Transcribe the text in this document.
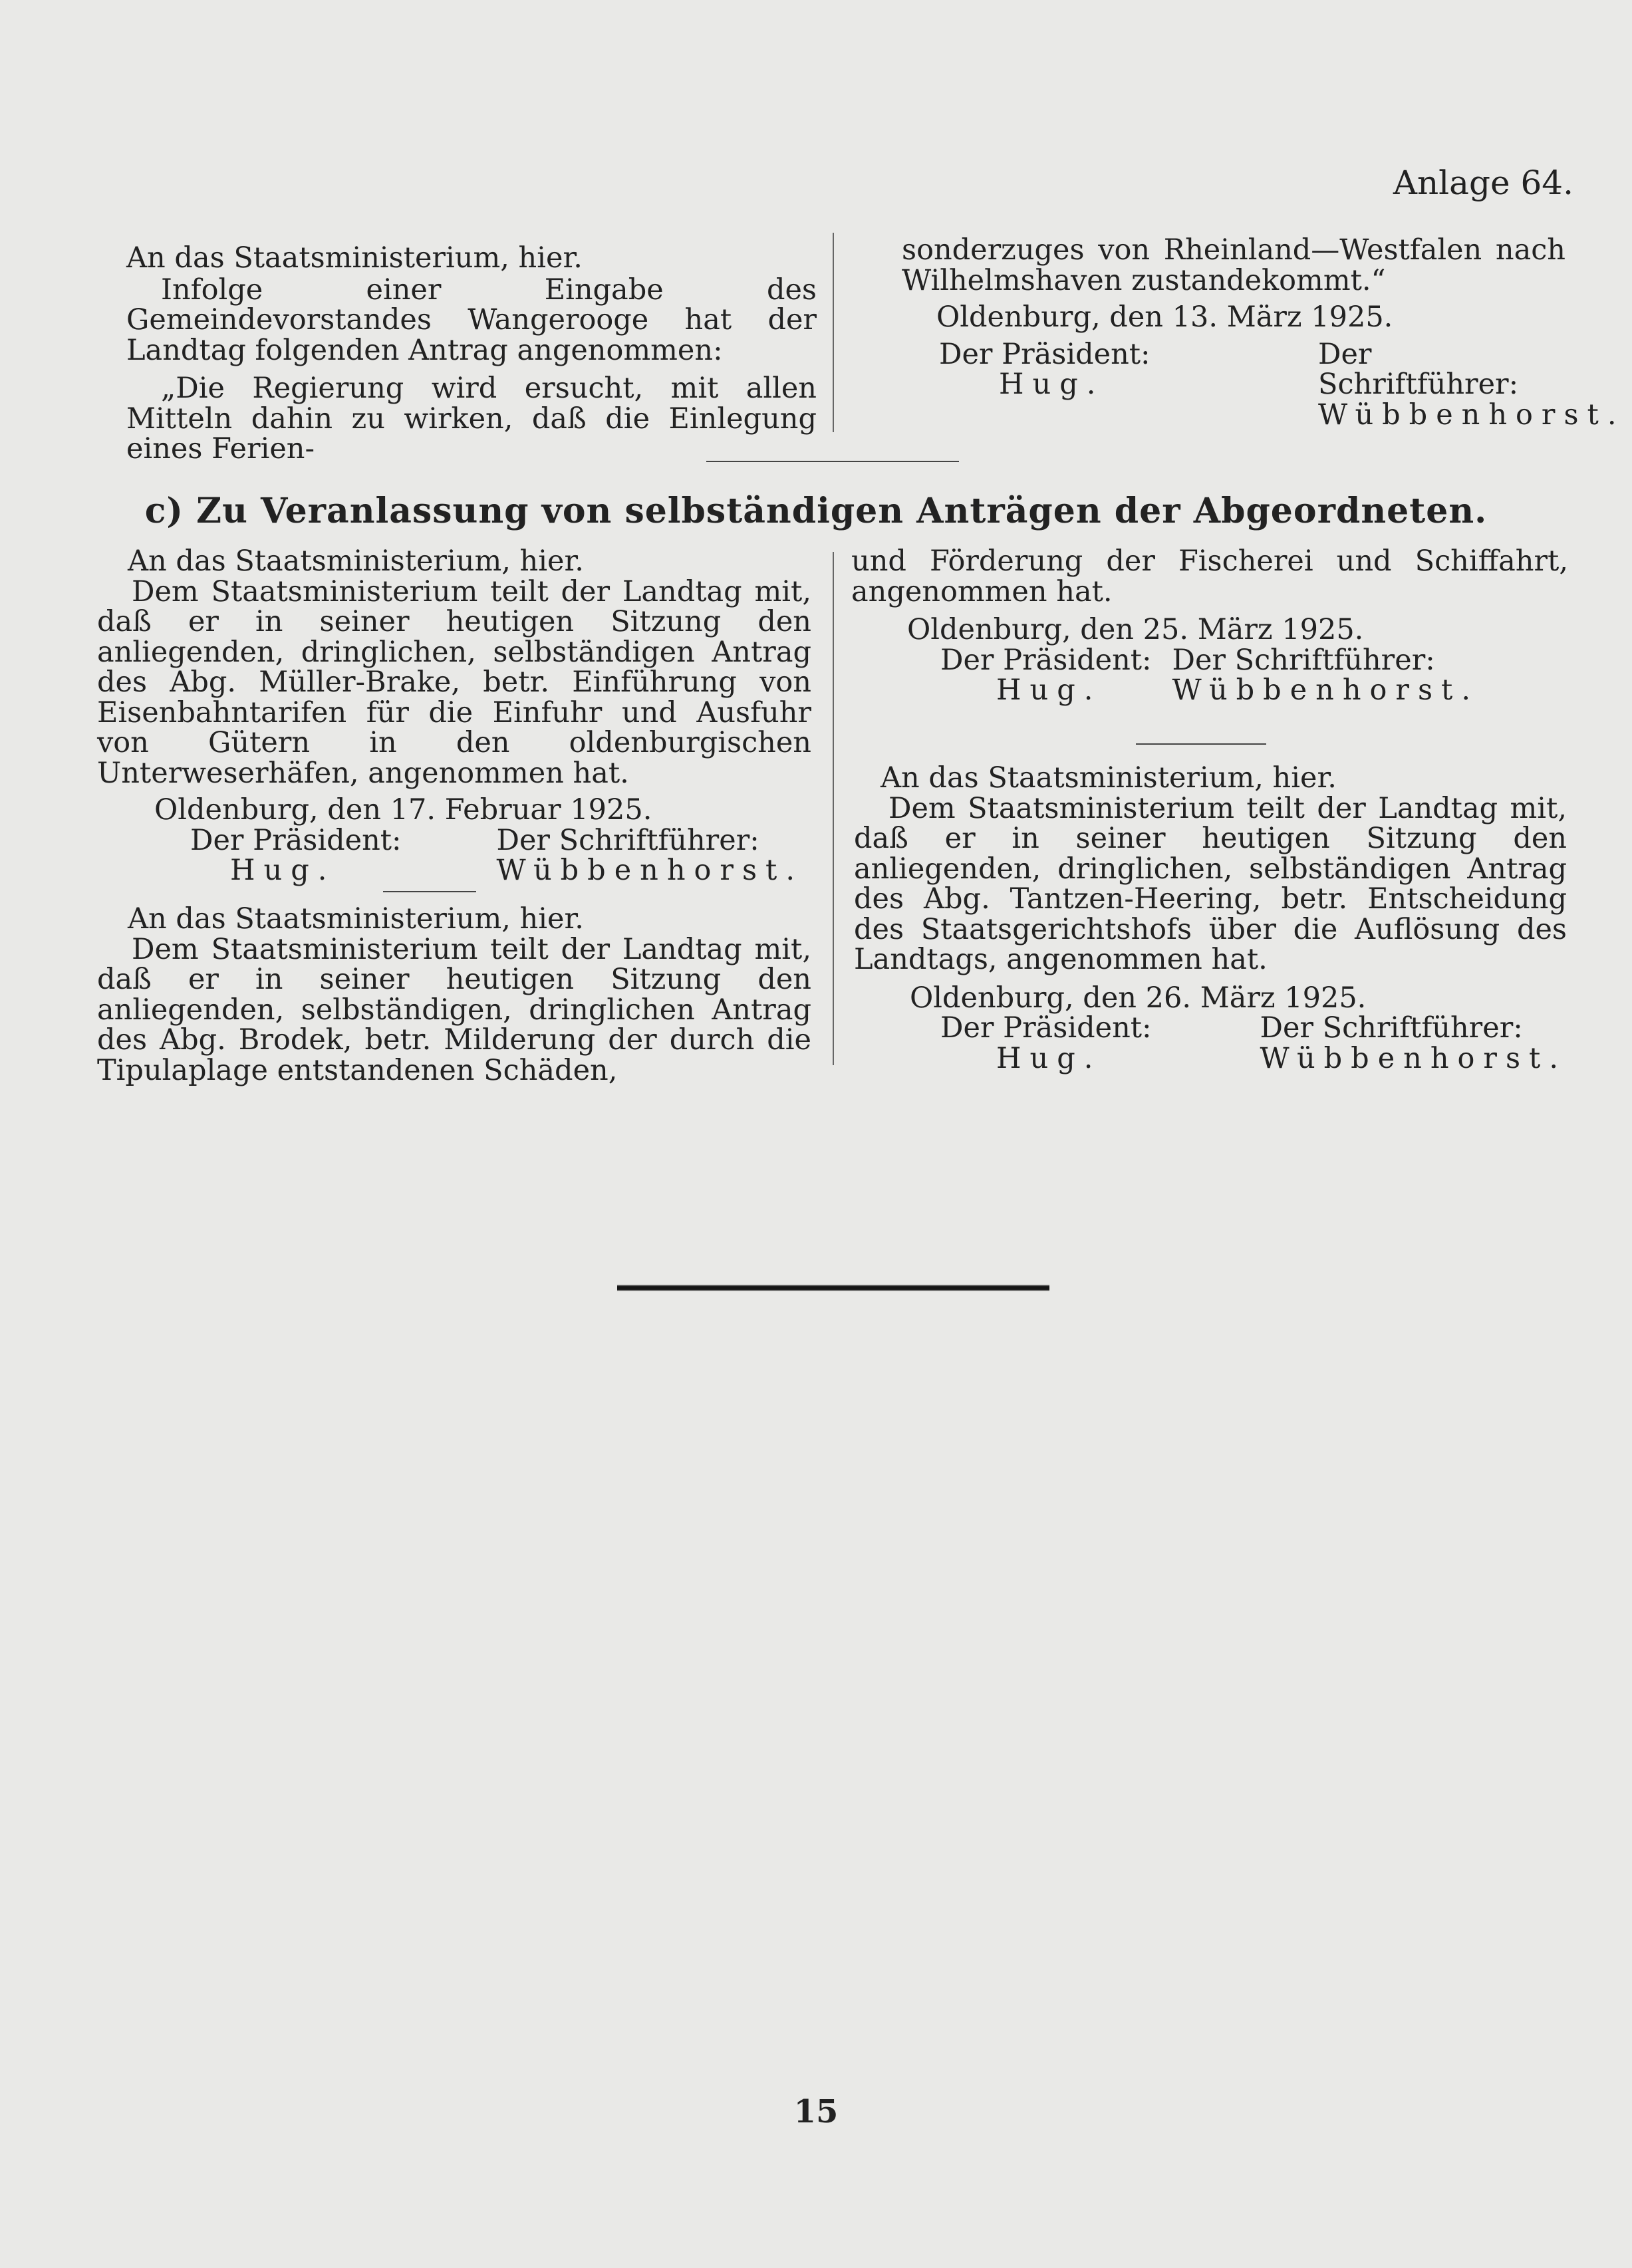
Anlage 64.

An das Staatsministerium, hier.

Infolge einer Eingabe des Gemeindevorstandes Wangerooge hat der Landtag folgenden Antrag angenommen:

„Die Regierung wird ersucht, mit allen Mitteln dahin zu wirken, daß die Einlegung eines Ferien-

sonderzuges von Rheinland—Westfalen nach Wilhelmshaven zustandekommt.“

Oldenburg, den 13. März 1925.

Der Präsident:
Hug.
Der Schriftführer:
Wübbenhorst.
c) Zu Veranlassung von selbständigen Anträgen der Abgeordneten.

An das Staatsministerium, hier.

Dem Staatsministerium teilt der Landtag mit, daß er in seiner heutigen Sitzung den anliegenden, dringlichen, selbständigen Antrag des Abg. Müller-Brake, betr. Einführung von Eisenbahntarifen für die Einfuhr und Ausfuhr von Gütern in den oldenburgischen Unterweserhäfen, angenommen hat.

Oldenburg, den 17. Februar 1925.

Der Präsident:
Hug.
Der Schriftführer:
Wübbenhorst.

An das Staatsministerium, hier.

Dem Staatsministerium teilt der Landtag mit, daß er in seiner heutigen Sitzung den anliegenden, selbständigen, dringlichen Antrag des Abg. Brodek, betr. Milderung der durch die Tipulaplage entstandenen Schäden,

und Förderung der Fischerei und Schiffahrt, angenommen hat.

Oldenburg, den 25. März 1925.

Der Präsident:
Hug.
Der Schriftführer:
Wübbenhorst.

An das Staatsministerium, hier.

Dem Staatsministerium teilt der Landtag mit, daß er in seiner heutigen Sitzung den anliegenden, dringlichen, selbständigen Antrag des Abg. Tantzen-Heering, betr. Entscheidung des Staatsgerichtshofs über die Auflösung des Landtags, angenommen hat.

Oldenburg, den 26. März 1925.

Der Präsident:
Hug.
Der Schriftführer:
Wübbenhorst.
15
